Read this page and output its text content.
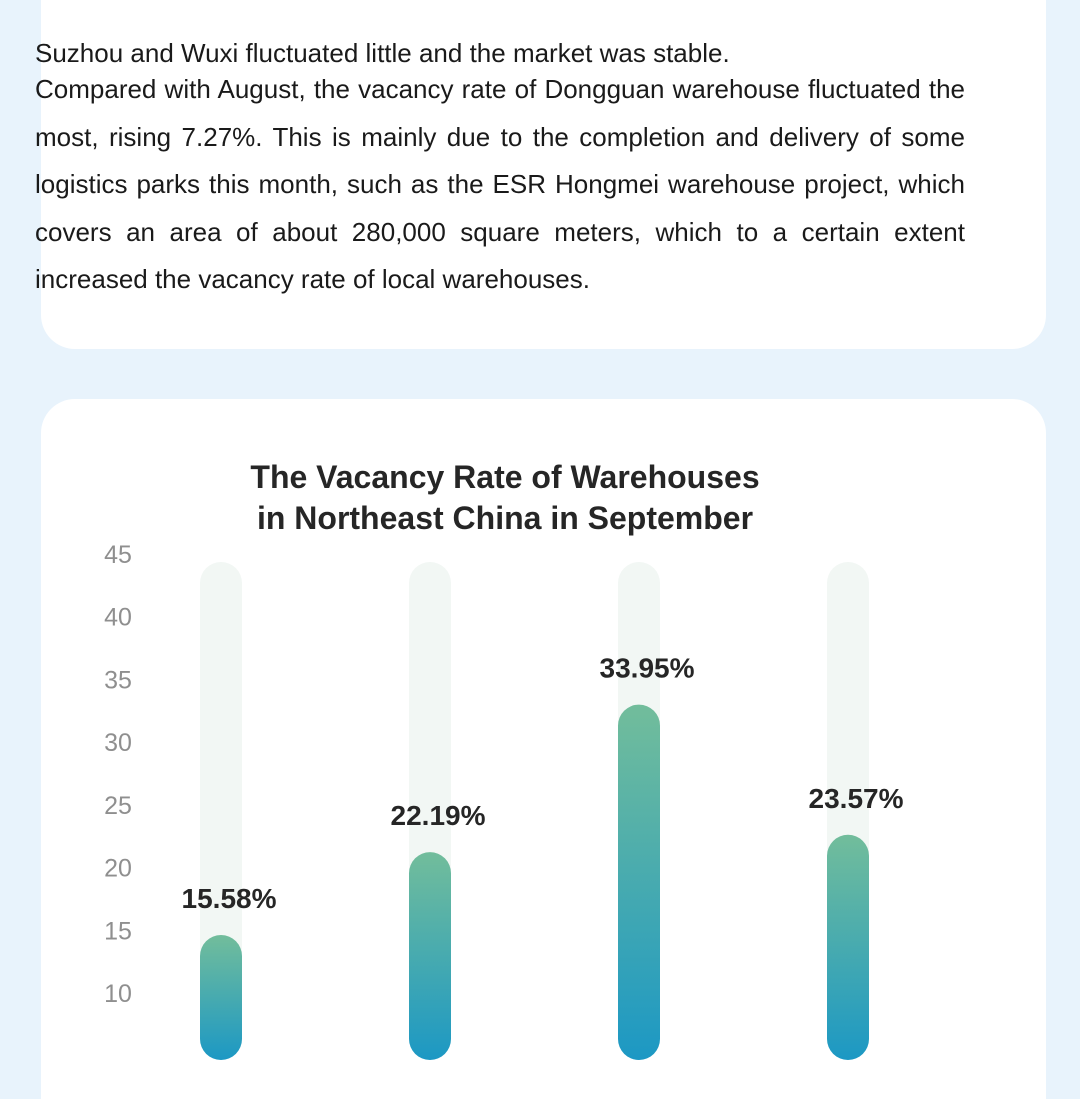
Suzhou and Wuxi fluctuated little and the market was stable.

Compared with August, the vacancy rate of Dongguan warehouse fluctuated the most, rising 7.27%. This is mainly due to the completion and delivery of some logistics parks this month, such as the ESR Hongmei warehouse project, which covers an area of about 280,000 square meters, which to a certain extent increased the vacancy rate of local warehouses.

The Vacancy Rate of Warehouses
in Northeast China in September
10
15
20
25
30
35
40
45
15.58%
22.19%
33.95%
23.57%
